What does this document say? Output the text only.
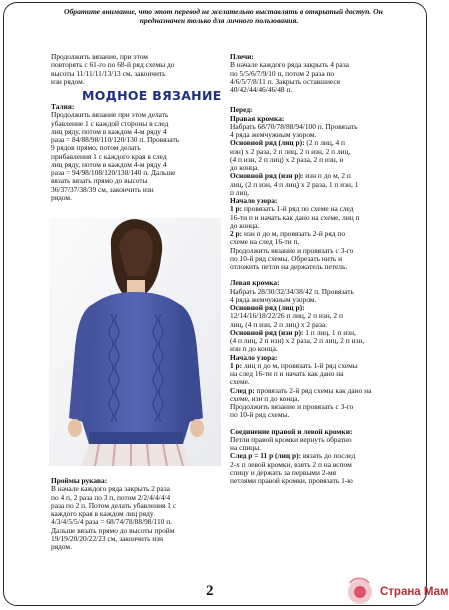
Обратите внимание, что этот перевод не желательно выставлять в открытый доступ. Он
предназначен только для личного пользования.

Продолжить вязание, при этом

повторять с 61-го по 68-й ряд схемы до

высоты 11/11/11/13/13 см, закончить

изн рядом.

МОДНОЕ ВЯЗАНИЕ

Талия:

Продолжить вязание при этом делать

убавление 1 с каждой стороны в след

лиц ряду, потом в каждом 4-м ряду 4

раза = 84/88/98/110/120/130 п. Провязать

9 рядов прямо, потом делать

прибавления 1 с каждого края в след

лиц ряду, потом в каждом 4-м ряду 4

раза = 94/98/108/120/130/140 п. Дальше

вязать вязать прямо до высоты

36/37/37/38/39 см, закончить изн

рядом.

Проймы рукава:

В начале каждого ряда закрыть 2 раза

по 4 п, 2 раза по 3 п, потом 2/2/4/4/4/4

раза по 2 п. Потом делать убавления 1 с

каждого края в каждом лиц ряду

4/3/4/5/5/4 раза = 68/74/78/88/98/110 п.

Дальше вязать прямо до высоты пройм

19/19/20/20/22/23 см, закончить изн

рядом.

Плечи:

В начале каждого ряда закрыть 4 раза

по 5/5/6/7/9/10 п, потом 2 раза по

4/6/5/7/8/11 п. Закрыть оставшиеся

40/42/44/46/46/48 п.

Перед:

Правая кромка:

Набрать 68/70/78/88/94/100 п. Провязать

4 ряда жемчужным узором.

Основной ряд (лиц р): (2 п лиц, 4 п

изн) х 2 раза, 2 п лиц, 2 п изн, 2 п лиц,

(4 п изн, 2 п лиц) х 2 раза, 2 п изн, и

до конца.

Основной ряд (изн р): изн п до м, 2 п

лиц, (2 п изн, 4 п лиц) х 2 раза, 1 п изн, 1

п лиц.

Начало узора:

1 р: провязать 1-й ряд по схеме на след

16-ти п и начать как дано на схеме, лиц п

до конца.

2 р: изн п до м, провязать 2-й ряд по

схеме на след 16-ти п.

Продолжить вязание и провязать с 3-го

по 10-й ряд схемы. Обрезать нить и

отложить петли на держатель петель.

Левая кромка:

Набрать 28/30/32/34/38/42 п. Провязать

4 ряда жемчужным узором.

Основной ряд (лиц р):

12/14/16/18/22/26 п лиц, 2 п изн, 2 п

лиц, (4 п изн, 2 п лиц) х 2 раза.

Основной ряд (изн р): 1 п лиц, 1 п изн,

(4 п лиц, 2 п изн) х 2 раза, 2 п лиц, 2 п изн,

изн п до конца.

Начало узора:

1 р: лиц п до м, провязать 1-й ряд схемы

на след 16-ти п и начать как дано на

схеме.

След р: провязать 2-й ряд схемы как дано на

схеме, изн п до конца.

Продолжить вязание и провязать с 3-го

по 10-й ряд схемы.

Соединение правой и левой кромки:

Петли правой кромки вернуть обратно

на спицы.

След р = 11 р (лиц р): вязать до послед

2-х п левой кромки, взять 2 п на вспом

спицу и держать за первыми 2-мя

петлями правой кромки, провязать 1-ю

2	Страна Мам
